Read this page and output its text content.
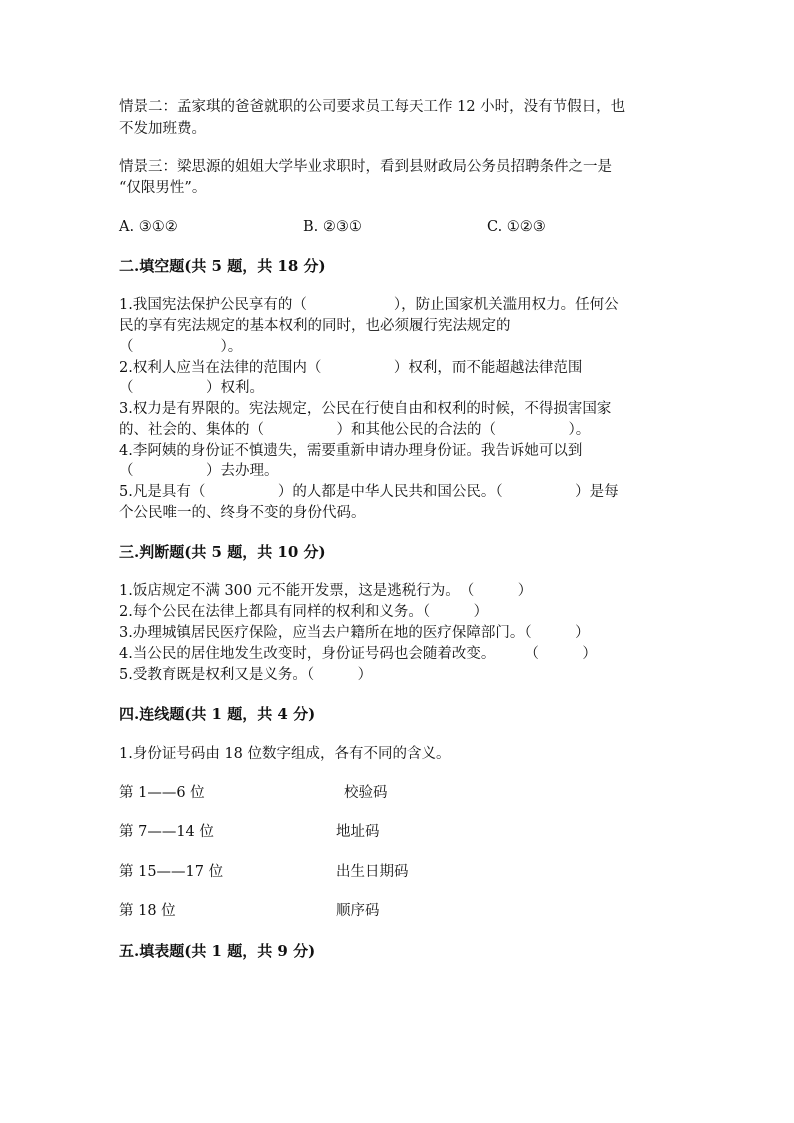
情景二：孟家琪的爸爸就职的公司要求员工每天工作 12 小时，没有节假日，也
不发加班费。
情景三：梁思源的姐姐大学毕业求职时，看到县财政局公务员招聘条件之一是
“仅限男性”。
A. ③①②	B. ②③①	C. ①②③
二.填空题(共 5 题，共 18 分)
1.我国宪法保护公民享有的（　　　　　　），防止国家机关滥用权力。任何公
民的享有宪法规定的基本权利的同时，也必须履行宪法规定的
（　　　　　　）。
2.权利人应当在法律的范围内（　　　　　）权利，而不能超越法律范围
（　　　　　）权利。
3.权力是有界限的。宪法规定，公民在行使自由和权利的时候，不得损害国家
的、社会的、集体的（　　　　　）和其他公民的合法的（　　　　　）。
4.李阿姨的身份证不慎遗失，需要重新申请办理身份证。我告诉她可以到
（　　　　　）去办理。
5.凡是具有（　　　　　）的人都是中华人民共和国公民。（　　　　　）是每
个公民唯一的、终身不变的身份代码。
三.判断题(共 5 题，共 10 分)
1.饭店规定不满 300 元不能开发票，这是逃税行为。　（　　　）
2.每个公民在法律上都具有同样的权利和义务。（　　　）
3.办理城镇居民医疗保险，应当去户籍所在地的医疗保障部门。（　　　）
4.当公民的居住地发生改变时，身份证号码也会随着改变。　　　（　　　）
5.受教育既是权利又是义务。（　　　）
四.连线题(共 1 题，共 4 分)
1.身份证号码由 18 位数字组成，各有不同的含义。
第 1——6 位	校验码
第 7——14 位	地址码
第 15——17 位	出生日期码
第 18 位	顺序码
五.填表题(共 1 题，共 9 分)
